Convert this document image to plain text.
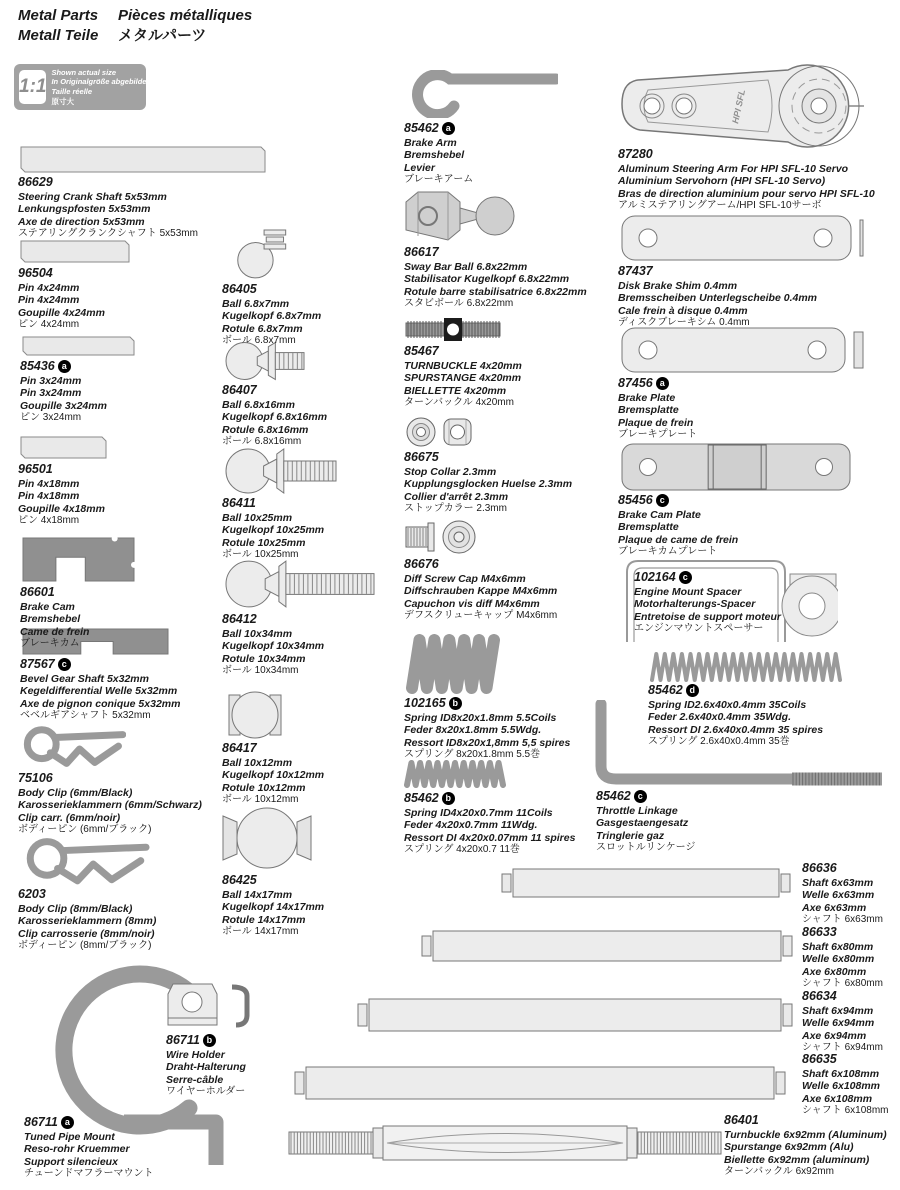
Metal Parts	Pièces métalliques
Metall Teile	メタルパーツ
1:1
Shown actual size
In Originalgröße abgebildet
Taille réelle
原寸大
86629
Steering Crank Shaft 5x53mm
Lenkungspfosten 5x53mm
Axe de direction 5x53mm
ステアリングクランクシャフト 5x53mm
96504
Pin 4x24mm
Pin 4x24mm
Goupille 4x24mm
ピン 4x24mm
85436 a
Pin 3x24mm
Pin 3x24mm
Goupille 3x24mm
ピン 3x24mm
96501
Pin 4x18mm
Pin 4x18mm
Goupille 4x18mm
ピン 4x18mm
86601
Brake Cam
Bremshebel
Came de frein
ブレーキカム
87567 c
Bevel Gear Shaft 5x32mm
Kegeldifferential Welle 5x32mm
Axe de pignon conique 5x32mm
ベベルギアシャフト 5x32mm
75106
Body Clip (6mm/Black)
Karosserieklammern (6mm/Schwarz)
Clip carr. (6mm/noir)
ボディーピン (6mm/ブラック)
6203
Body Clip (8mm/Black)
Karosserieklammern (8mm)
Clip carrosserie (8mm/noir)
ボディーピン (8mm/ブラック)
86711 a
Tuned Pipe Mount
Reso-rohr Kruemmer
Support silencieux
チューンドマフラーマウント
86405
Ball 6.8x7mm
Kugelkopf 6.8x7mm
Rotule 6.8x7mm
ボール 6.8x7mm
86407
Ball 6.8x16mm
Kugelkopf 6.8x16mm
Rotule 6.8x16mm
ボール 6.8x16mm
86411
Ball 10x25mm
Kugelkopf 10x25mm
Rotule 10x25mm
ボール 10x25mm
86412
Ball 10x34mm
Kugelkopf 10x34mm
Rotule 10x34mm
ボール 10x34mm
86417
Ball 10x12mm
Kugelkopf 10x12mm
Rotule 10x12mm
ボール 10x12mm
86425
Ball 14x17mm
Kugelkopf 14x17mm
Rotule 14x17mm
ボール 14x17mm
86711 b
Wire Holder
Draht-Halterung
Serre-câble
ワイヤーホルダー
85462 a
Brake Arm
Bremshebel
Levier
ブレーキアーム
86617
Sway Bar Ball 6.8x22mm
Stabilisator Kugelkopf 6.8x22mm
Rotule barre stabilisatrice 6.8x22mm
スタビボール 6.8x22mm
85467
TURNBUCKLE 4x20mm
SPURSTANGE 4x20mm
BIELLETTE 4x20mm
ターンバックル 4x20mm
86675
Stop Collar 2.3mm
Kupplungsglocken Huelse 2.3mm
Collier d'arrêt 2.3mm
ストップカラー 2.3mm
86676
Diff Screw Cap M4x6mm
Diffschrauben Kappe M4x6mm
Capuchon vis diff M4x6mm
デフスクリューキャップ M4x6mm
102165 b
Spring ID8x20x1.8mm 5.5Coils
Feder 8x20x1.8mm 5.5Wdg.
Ressort ID8x20x1,8mm 5,5 spires
スプリング 8x20x1.8mm 5.5巻
85462 b
Spring ID4x20x0.7mm 11Coils
Feder 4x20x0.7mm 11Wdg.
Ressort DI 4x20x0.07mm 11 spires
スプリング 4x20x0.7 11巻
HPI SFL
87280
Aluminum Steering Arm For HPI SFL-10 Servo
Aluminium Servohorn (HPI SFL-10 Servo)
Bras de direction aluminium pour servo HPI SFL-10
アルミステアリングアーム/HPI SFL-10サーボ
87437
Disk Brake Shim 0.4mm
Bremsscheiben Unterlegscheibe 0.4mm
Cale frein à disque 0.4mm
ディスクブレーキシム 0.4mm
87456 a
Brake Plate
Bremsplatte
Plaque de frein
ブレーキプレート
85456 c
Brake Cam Plate
Bremsplatte
Plaque de came de frein
ブレーキカムプレート
102164 c
Engine Mount Spacer
Motorhalterungs-Spacer
Entretoise de support moteur
エンジンマウントスペーサー
85462 d
Spring ID2.6x40x0.4mm 35Coils
Feder 2.6x40x0.4mm 35Wdg.
Ressort DI 2.6x40x0.4mm 35 spires
スプリング 2.6x40x0.4mm 35巻
85462 c
Throttle Linkage
Gasgestaengesatz
Tringlerie gaz
スロットルリンケージ
86636
Shaft 6x63mm
Welle 6x63mm
Axe 6x63mm
シャフト 6x63mm
86633
Shaft 6x80mm
Welle 6x80mm
Axe 6x80mm
シャフト 6x80mm
86634
Shaft 6x94mm
Welle 6x94mm
Axe 6x94mm
シャフト 6x94mm
86635
Shaft 6x108mm
Welle 6x108mm
Axe 6x108mm
シャフト 6x108mm
86401
Turnbuckle 6x92mm (Aluminum)
Spurstange 6x92mm (Alu)
Biellette 6x92mm (aluminum)
ターンバックル 6x92mm
